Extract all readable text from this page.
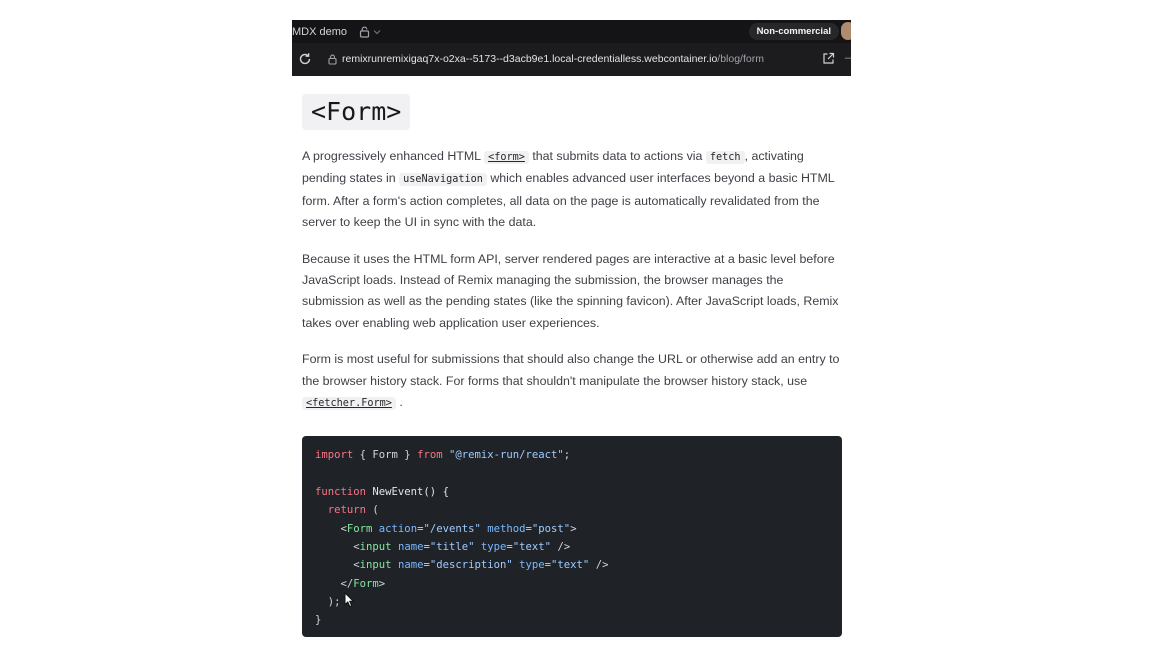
MDX demo	Non-commercial
remixrunremixigaq7x-o2xa--5173--d3acb9e1.local-credentialless.webcontainer.io/blog/form	–
<Form>

A progressively enhanced HTML <form> that submits data to actions via fetch , activating pending states in useNavigation which enables advanced user interfaces beyond a basic HTML form. After a form's action completes, all data on the page is automatically revalidated from the server to keep the UI in sync with the data.

Because it uses the HTML form API, server rendered pages are interactive at a basic level before JavaScript loads. Instead of Remix managing the submission, the browser manages the submission as well as the pending states (like the spinning favicon). After JavaScript loads, Remix takes over enabling web application user experiences.

Form is most useful for submissions that should also change the URL or otherwise add an entry to the browser history stack. For forms that shouldn't manipulate the browser history stack, use <fetcher.Form> .

import { Form } from "@remix-run/react";

function NewEvent() {
return (
<Form action="/events" method="post">
<input name="title" type="text" />
<input name="description" type="text" />
</Form>
);
}
